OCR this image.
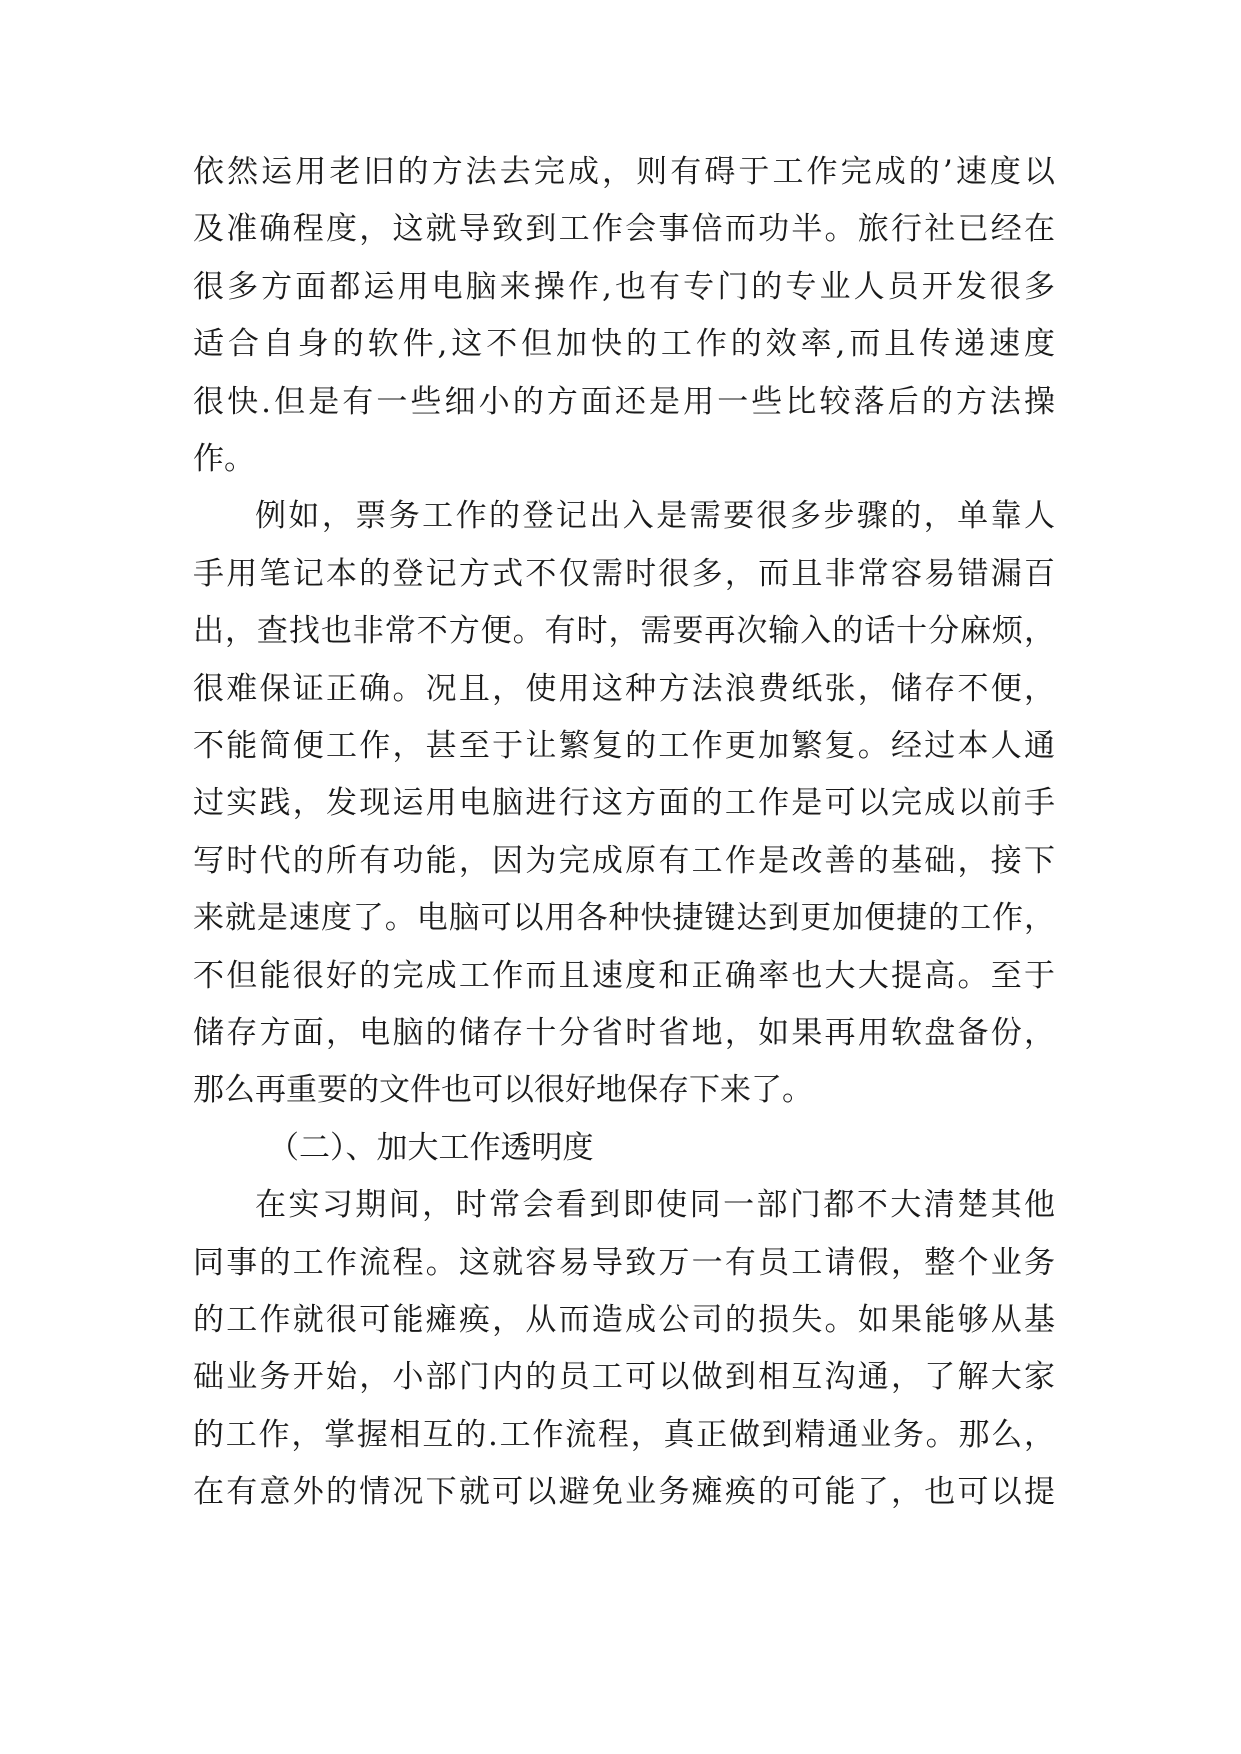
依然运用老旧的方法去完成，则有碍于工作完成的’速度以
及准确程度，这就导致到工作会事倍而功半。旅行社已经在
很多方面都运用电脑来操作,也有专门的专业人员开发很多
适合自身的软件,这不但加快的工作的效率,而且传递速度
很快.但是有一些细小的方面还是用一些比较落后的方法操
作。
例如，票务工作的登记出入是需要很多步骤的，单靠人
手用笔记本的登记方式不仅需时很多，而且非常容易错漏百
出，查找也非常不方便。有时，需要再次输入的话十分麻烦，
很难保证正确。况且，使用这种方法浪费纸张，储存不便，
不能简便工作，甚至于让繁复的工作更加繁复。经过本人通
过实践，发现运用电脑进行这方面的工作是可以完成以前手
写时代的所有功能，因为完成原有工作是改善的基础，接下
来就是速度了。电脑可以用各种快捷键达到更加便捷的工作，
不但能很好的完成工作而且速度和正确率也大大提高。至于
储存方面，电脑的储存十分省时省地，如果再用软盘备份，
那么再重要的文件也可以很好地保存下来了。
（二）、加大工作透明度
在实习期间，时常会看到即使同一部门都不大清楚其他
同事的工作流程。这就容易导致万一有员工请假，整个业务
的工作就很可能瘫痪，从而造成公司的损失。如果能够从基
础业务开始，小部门内的员工可以做到相互沟通，了解大家
的工作，掌握相互的.工作流程，真正做到精通业务。那么，
在有意外的情况下就可以避免业务瘫痪的可能了，也可以提
